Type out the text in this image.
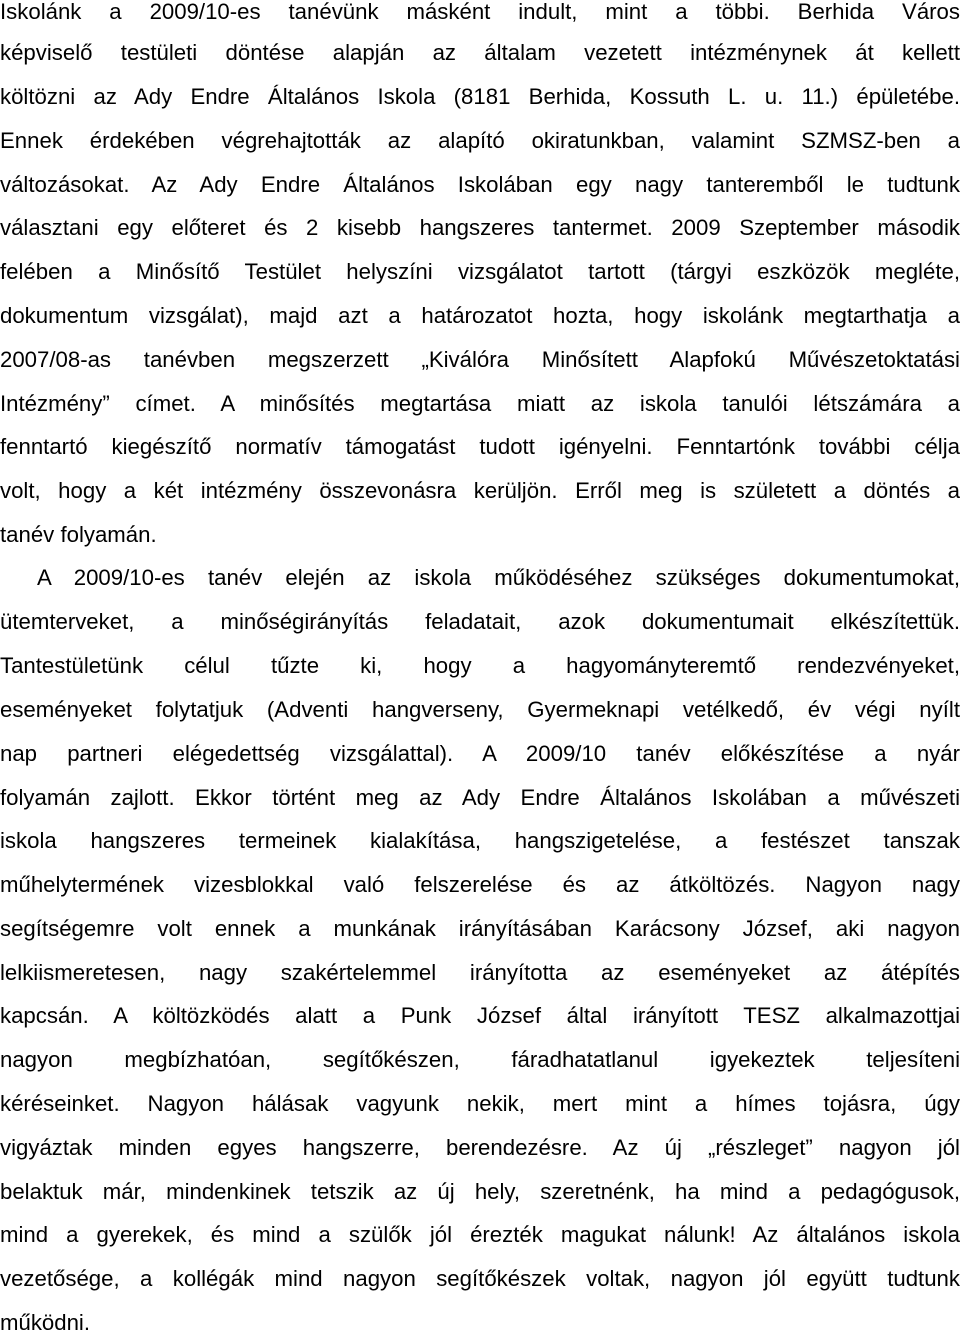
Iskolánk a 2009/10-es tanévünk másként indult, mint a többi. Berhida Város
képviselő testületi döntése alapján az általam vezetett intézménynek át kellett
költözni az Ady Endre Általános Iskola (8181 Berhida, Kossuth L. u. 11.) épületébe.
Ennek érdekében végrehajtották az alapító okiratunkban, valamint SZMSZ-ben a
változásokat. Az Ady Endre Általános Iskolában egy nagy tanteremből le tudtunk
választani egy előteret és 2 kisebb hangszeres tantermet. 2009 Szeptember második
felében a Minősítő Testület helyszíni vizsgálatot tartott (tárgyi eszközök megléte,
dokumentum vizsgálat), majd azt a határozatot hozta, hogy iskolánk megtarthatja a
2007/08-as tanévben megszerzett „Kiválóra Minősített Alapfokú Művészetoktatási
Intézmény” címet. A minősítés megtartása miatt az iskola tanulói létszámára a
fenntartó kiegészítő normatív támogatást tudott igényelni. Fenntartónk további célja
volt, hogy a két intézmény összevonásra kerüljön. Erről meg is született a döntés a
tanév folyamán.
A 2009/10-es tanév elején az iskola működéséhez szükséges dokumentumokat,
ütemterveket, a minőségirányítás feladatait, azok dokumentumait elkészítettük.
Tantestületünk célul tűzte ki, hogy a hagyományteremtő rendezvényeket,
eseményeket folytatjuk (Adventi hangverseny, Gyermeknapi vetélkedő, év végi nyílt
nap partneri elégedettség vizsgálattal). A 2009/10 tanév előkészítése a nyár
folyamán zajlott. Ekkor történt meg az Ady Endre Általános Iskolában a művészeti
iskola hangszeres termeinek kialakítása, hangszigetelése, a festészet tanszak
műhelytermének vizesblokkal való felszerelése és az átköltözés. Nagyon nagy
segítségemre volt ennek a munkának irányításában Karácsony József, aki nagyon
lelkiismeretesen, nagy szakértelemmel irányította az eseményeket az átépítés
kapcsán. A költözködés alatt a Punk József által irányított TESZ alkalmazottjai
nagyon megbízhatóan, segítőkészen, fáradhatatlanul igyekeztek teljesíteni
kéréseinket. Nagyon hálásak vagyunk nekik, mert mint a hímes tojásra, úgy
vigyáztak minden egyes hangszerre, berendezésre. Az új „részleget” nagyon jól
belaktuk már, mindenkinek tetszik az új hely, szeretnénk, ha mind a pedagógusok,
mind a gyerekek, és mind a szülők jól érezték magukat nálunk! Az általános iskola
vezetősége, a kollégák mind nagyon segítőkészek voltak, nagyon jól együtt tudtunk
működni.
